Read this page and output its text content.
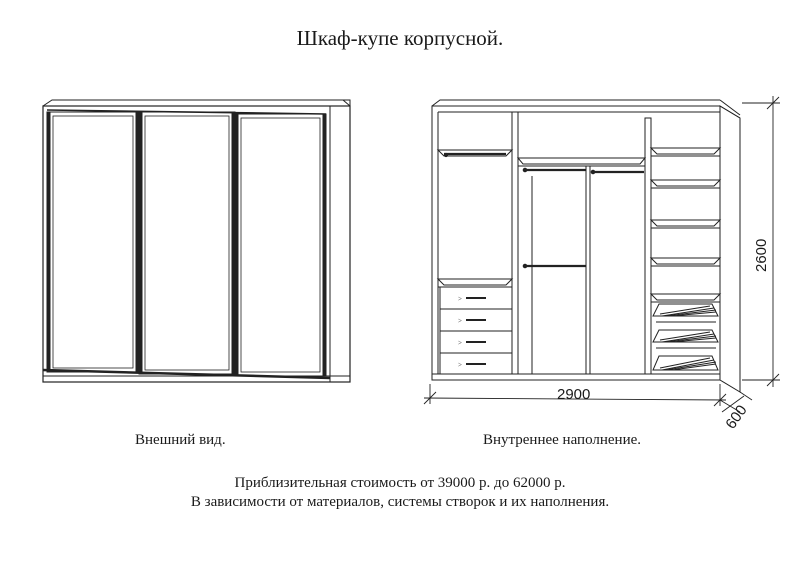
Шкаф-купе корпусной.
>
>
>
>
2600
2900
600
Внешний вид.	Внутреннее наполнение.
Приблизительная стоимость от 39000 р. до 62000 р.
В зависимости от материалов, системы створок и их наполнения.
